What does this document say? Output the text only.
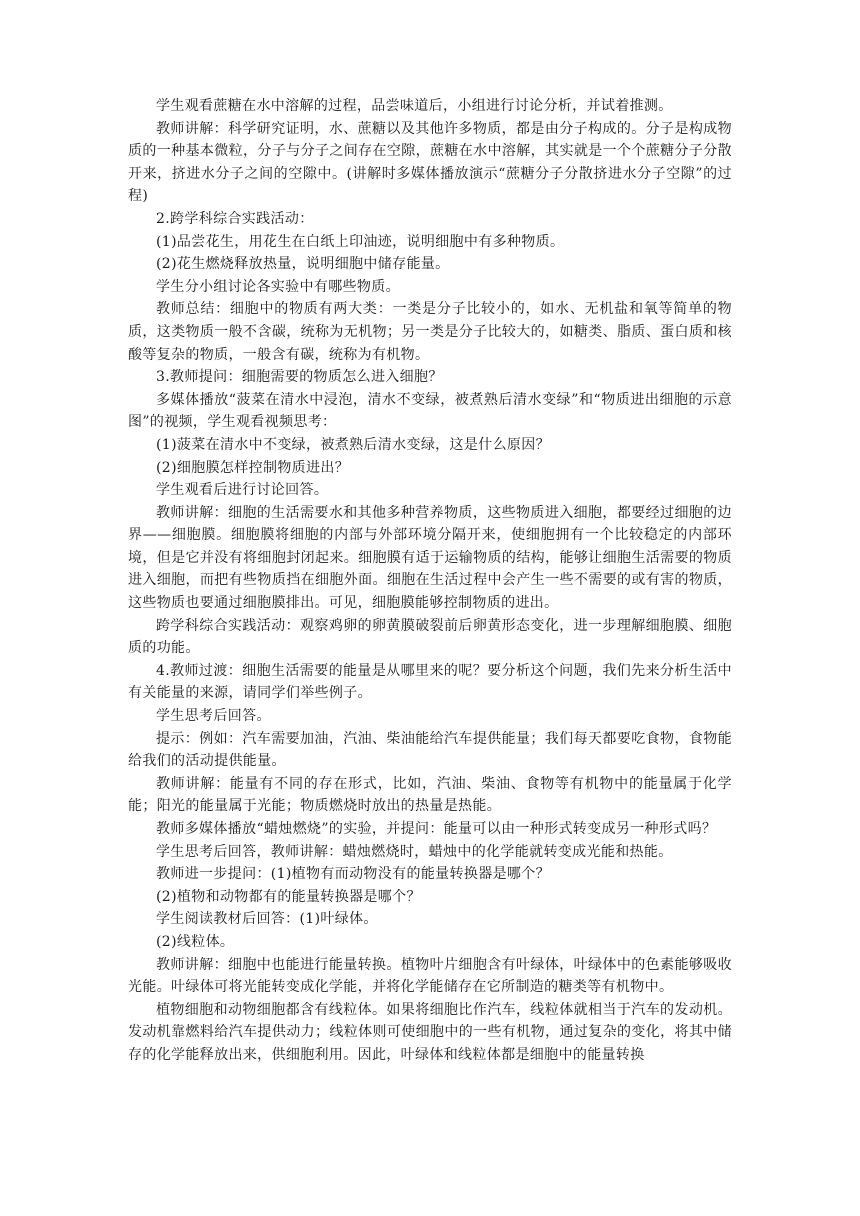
学生观看蔗糖在水中溶解的过程，品尝味道后，小组进行讨论分析，并试着推测。

教师讲解：科学研究证明，水、蔗糖以及其他许多物质，都是由分子构成的。分子是构成物质的一种基本微粒，分子与分子之间存在空隙，蔗糖在水中溶解，其实就是一个个蔗糖分子分散开来，挤进水分子之间的空隙中。(讲解时多媒体播放演示“蔗糖分子分散挤进水分子空隙”的过程)

2.跨学科综合实践活动：

(1)品尝花生，用花生在白纸上印油迹，说明细胞中有多种物质。

(2)花生燃烧释放热量，说明细胞中储存能量。

学生分小组讨论各实验中有哪些物质。

教师总结：细胞中的物质有两大类：一类是分子比较小的，如水、无机盐和氧等简单的物质，这类物质一般不含碳，统称为无机物；另一类是分子比较大的，如糖类、脂质、蛋白质和核酸等复杂的物质，一般含有碳，统称为有机物。

3.教师提问：细胞需要的物质怎么进入细胞？

多媒体播放“菠菜在清水中浸泡，清水不变绿，被煮熟后清水变绿”和“物质进出细胞的示意图”的视频，学生观看视频思考：

(1)菠菜在清水中不变绿，被煮熟后清水变绿，这是什么原因？

(2)细胞膜怎样控制物质进出？

学生观看后进行讨论回答。

教师讲解：细胞的生活需要水和其他多种营养物质，这些物质进入细胞，都要经过细胞的边界——细胞膜。细胞膜将细胞的内部与外部环境分隔开来，使细胞拥有一个比较稳定的内部环境，但是它并没有将细胞封闭起来。细胞膜有适于运输物质的结构，能够让细胞生活需要的物质进入细胞，而把有些物质挡在细胞外面。细胞在生活过程中会产生一些不需要的或有害的物质，这些物质也要通过细胞膜排出。可见，细胞膜能够控制物质的进出。

跨学科综合实践活动：观察鸡卵的卵黄膜破裂前后卵黄形态变化，进一步理解细胞膜、细胞质的功能。

4.教师过渡：细胞生活需要的能量是从哪里来的呢？要分析这个问题，我们先来分析生活中有关能量的来源，请同学们举些例子。

学生思考后回答。

提示：例如：汽车需要加油，汽油、柴油能给汽车提供能量；我们每天都要吃食物，食物能给我们的活动提供能量。

教师讲解：能量有不同的存在形式，比如，汽油、柴油、食物等有机物中的能量属于化学能；阳光的能量属于光能；物质燃烧时放出的热量是热能。

教师多媒体播放“蜡烛燃烧”的实验，并提问：能量可以由一种形式转变成另一种形式吗？

学生思考后回答，教师讲解：蜡烛燃烧时，蜡烛中的化学能就转变成光能和热能。

教师进一步提问：(1)植物有而动物没有的能量转换器是哪个？

(2)植物和动物都有的能量转换器是哪个？

学生阅读教材后回答：(1)叶绿体。

(2)线粒体。

教师讲解：细胞中也能进行能量转换。植物叶片细胞含有叶绿体，叶绿体中的色素能够吸收光能。叶绿体可将光能转变成化学能，并将化学能储存在它所制造的糖类等有机物中。

植物细胞和动物细胞都含有线粒体。如果将细胞比作汽车，线粒体就相当于汽车的发动机。发动机靠燃料给汽车提供动力；线粒体则可使细胞中的一些有机物，通过复杂的变化，将其中储存的化学能释放出来，供细胞利用。因此，叶绿体和线粒体都是细胞中的能量转换
